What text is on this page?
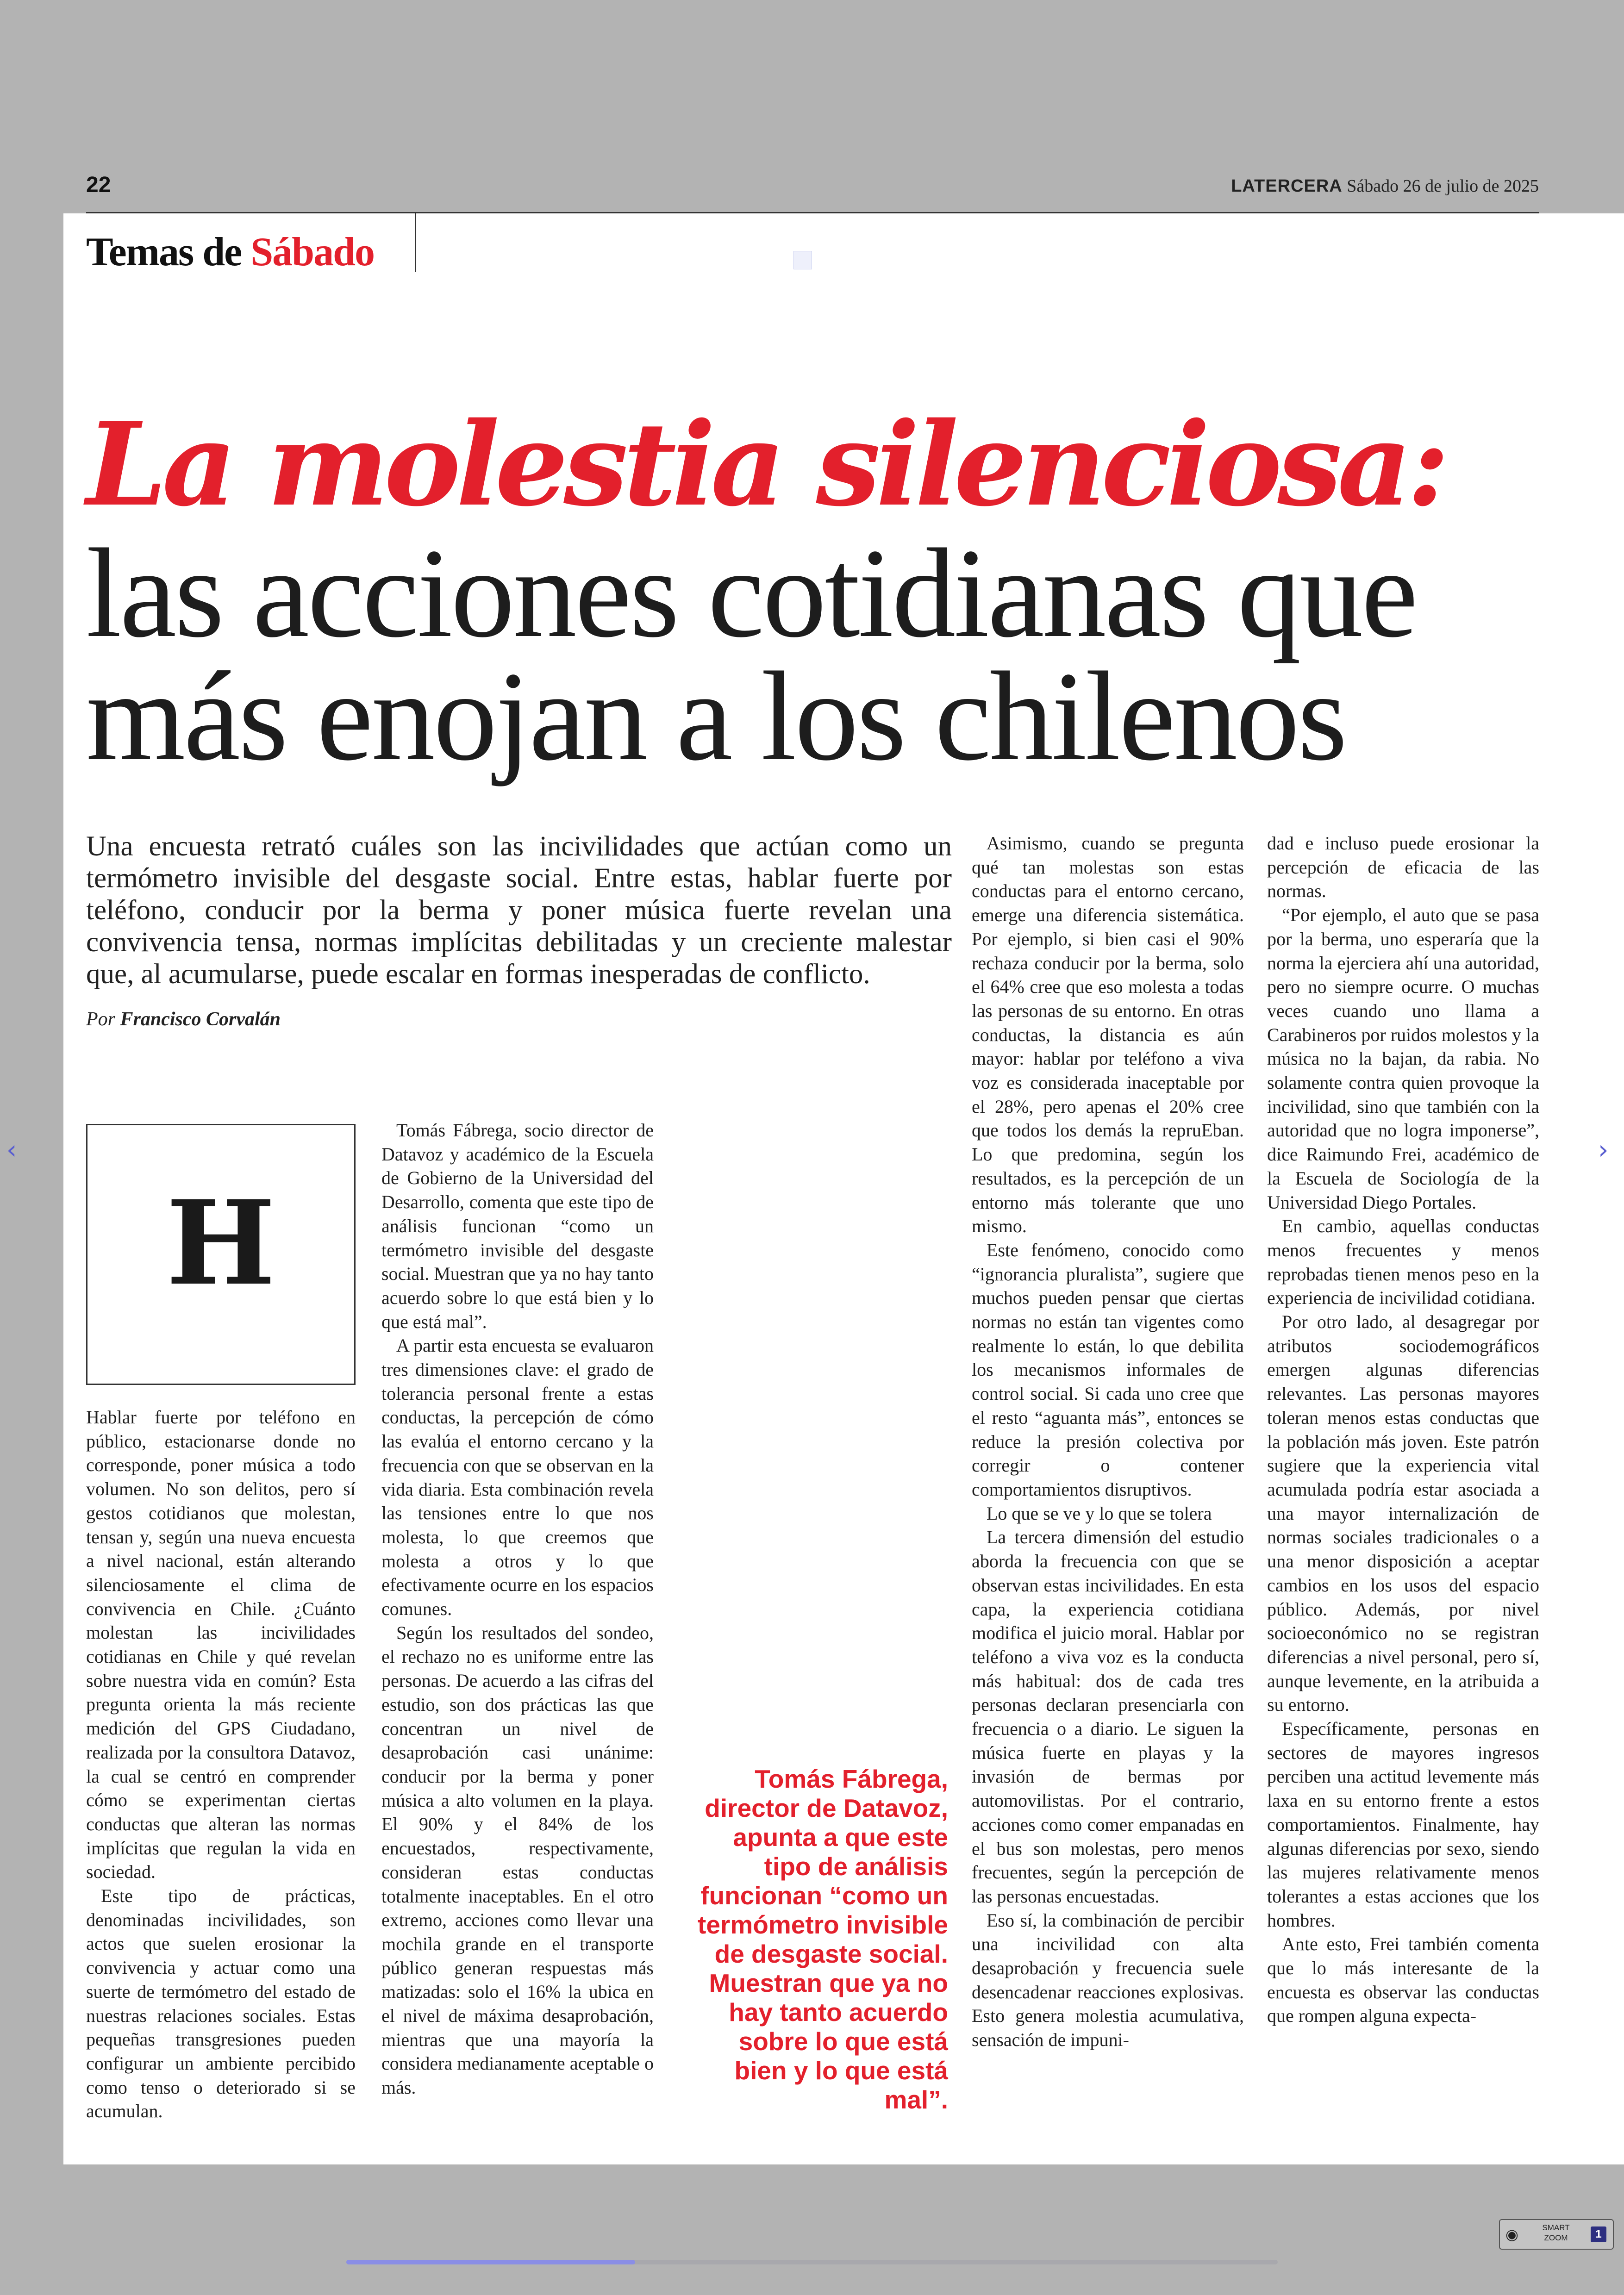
22	LATERCERA Sábado 26 de julio de 2025
Temas de Sábado
La molestia silenciosa:
las acciones cotidianas que más enojan a los chilenos
Una encuesta retrató cuáles son las incivilidades que actúan como un termómetro invisible del desgaste social. Entre estas, hablar fuerte por teléfono, conducir por la berma y poner música fuerte revelan una convivencia tensa, normas implícitas debilitadas y un creciente malestar que, al acumularse, puede escalar en formas inesperadas de conflicto.
Por Francisco Corvalán
H

Hablar fuerte por teléfono en público, estacionarse donde no corresponde, poner música a todo volumen. No son delitos, pero sí gestos cotidianos que molestan, tensan y, según una nueva encuesta a nivel nacional, están alterando silenciosamente el clima de convivencia en Chile. ¿Cuánto molestan las incivilidades cotidianas en Chile y qué revelan sobre nuestra vida en común? Esta pregunta orienta la más reciente medición del GPS Ciudadano, realizada por la consultora Datavoz, la cual se centró en comprender cómo se experimentan ciertas conductas que alteran las normas implícitas que regulan la vida en sociedad.

Este tipo de prácticas, denominadas incivilidades, son actos que suelen erosionar la convivencia y actuar como una suerte de termómetro del estado de nuestras relaciones sociales. Estas pequeñas transgresiones pueden configurar un ambiente percibido como tenso o deteriorado si se acumulan.

Tomás Fábrega, socio director de Datavoz y académico de la Escuela de Gobierno de la Universidad del Desarrollo, comenta que este tipo de análisis funcionan “como un termómetro invisible del desgaste social. Muestran que ya no hay tanto acuerdo sobre lo que está bien y lo que está mal”.

A partir esta encuesta se evaluaron tres dimensiones clave: el grado de tolerancia personal frente a estas conductas, la percepción de cómo las evalúa el entorno cercano y la frecuencia con que se observan en la vida diaria. Esta combinación revela las tensiones entre lo que nos molesta, lo que creemos que molesta a otros y lo que efectivamente ocurre en los espacios comunes.

Según los resultados del sondeo, el rechazo no es uniforme entre las personas. De acuerdo a las cifras del estudio, son dos prácticas las que concentran un nivel de desaprobación casi unánime: conducir por la berma y poner música a alto volumen en la playa. El 90% y el 84% de los encuestados, respectivamente, consideran estas conductas totalmente inaceptables. En el otro extremo, acciones como llevar una mochila grande en el transporte público generan respuestas más matizadas: solo el 16% la ubica en el nivel de máxima desaprobación, mientras que una mayoría la considera medianamente aceptable o más.

Tomás Fábrega, director de Datavoz, apunta a que este tipo de análisis funcionan “como un termómetro invisible de desgaste social. Muestran que ya no hay tanto acuerdo sobre lo que está bien y lo que está mal”.

Asimismo, cuando se pregunta qué tan molestas son estas conductas para el entorno cercano, emerge una diferencia sistemática. Por ejemplo, si bien casi el 90% rechaza conducir por la berma, solo el 64% cree que eso molesta a todas las personas de su entorno. En otras conductas, la distancia es aún mayor: hablar por teléfono a viva voz es considerada inaceptable por el 28%, pero apenas el 20% cree que todos los demás la repruEban. Lo que predomina, según los resultados, es la percepción de un entorno más tolerante que uno mismo.

Este fenómeno, conocido como “ignorancia pluralista”, sugiere que muchos pueden pensar que ciertas normas no están tan vigentes como realmente lo están, lo que debilita los mecanismos informales de control social. Si cada uno cree que el resto “aguanta más”, entonces se reduce la presión colectiva por corregir o contener comportamientos disruptivos.

Lo que se ve y lo que se tolera

La tercera dimensión del estudio aborda la frecuencia con que se observan estas incivilidades. En esta capa, la experiencia cotidiana modifica el juicio moral. Hablar por teléfono a viva voz es la conducta más habitual: dos de cada tres personas declaran presenciarla con frecuencia o a diario. Le siguen la música fuerte en playas y la invasión de bermas por automovilistas. Por el contrario, acciones como comer empanadas en el bus son molestas, pero menos frecuentes, según la percepción de las personas encuestadas.

Eso sí, la combinación de percibir una incivilidad con alta desaprobación y frecuencia suele desencadenar reacciones explosivas. Esto genera molestia acumulativa, sensación de impuni-

dad e incluso puede erosionar la percepción de eficacia de las normas.

“Por ejemplo, el auto que se pasa por la berma, uno esperaría que la norma la ejerciera ahí una autoridad, pero no siempre ocurre. O muchas veces cuando uno llama a Carabineros por ruidos molestos y la música no la bajan, da rabia. No solamente contra quien provoque la incivilidad, sino que también con la autoridad que no logra imponerse”, dice Raimundo Frei, académico de la Escuela de Sociología de la Universidad Diego Portales.

En cambio, aquellas conductas menos frecuentes y menos reprobadas tienen menos peso en la experiencia de incivilidad cotidiana.

Por otro lado, al desagregar por atributos sociodemográficos emergen algunas diferencias relevantes. Las personas mayores toleran menos estas conductas que la población más joven. Este patrón sugiere que la experiencia vital acumulada podría estar asociada a una mayor internalización de normas sociales tradicionales o a una menor disposición a aceptar cambios en los usos del espacio público. Además, por nivel socioeconómico no se registran diferencias a nivel personal, pero sí, aunque levemente, en la atribuida a su entorno.

Específicamente, personas en sectores de mayores ingresos perciben una actitud levemente más laxa en su entorno frente a estos comportamientos. Finalmente, hay algunas diferencias por sexo, siendo las mujeres relativamente menos tolerantes a estas acciones que los hombres.

Ante esto, Frei también comenta que lo más interesante de la encuesta es observar las conductas que rompen alguna expecta-

‹	›
◉	SMART
ZOOM	1
